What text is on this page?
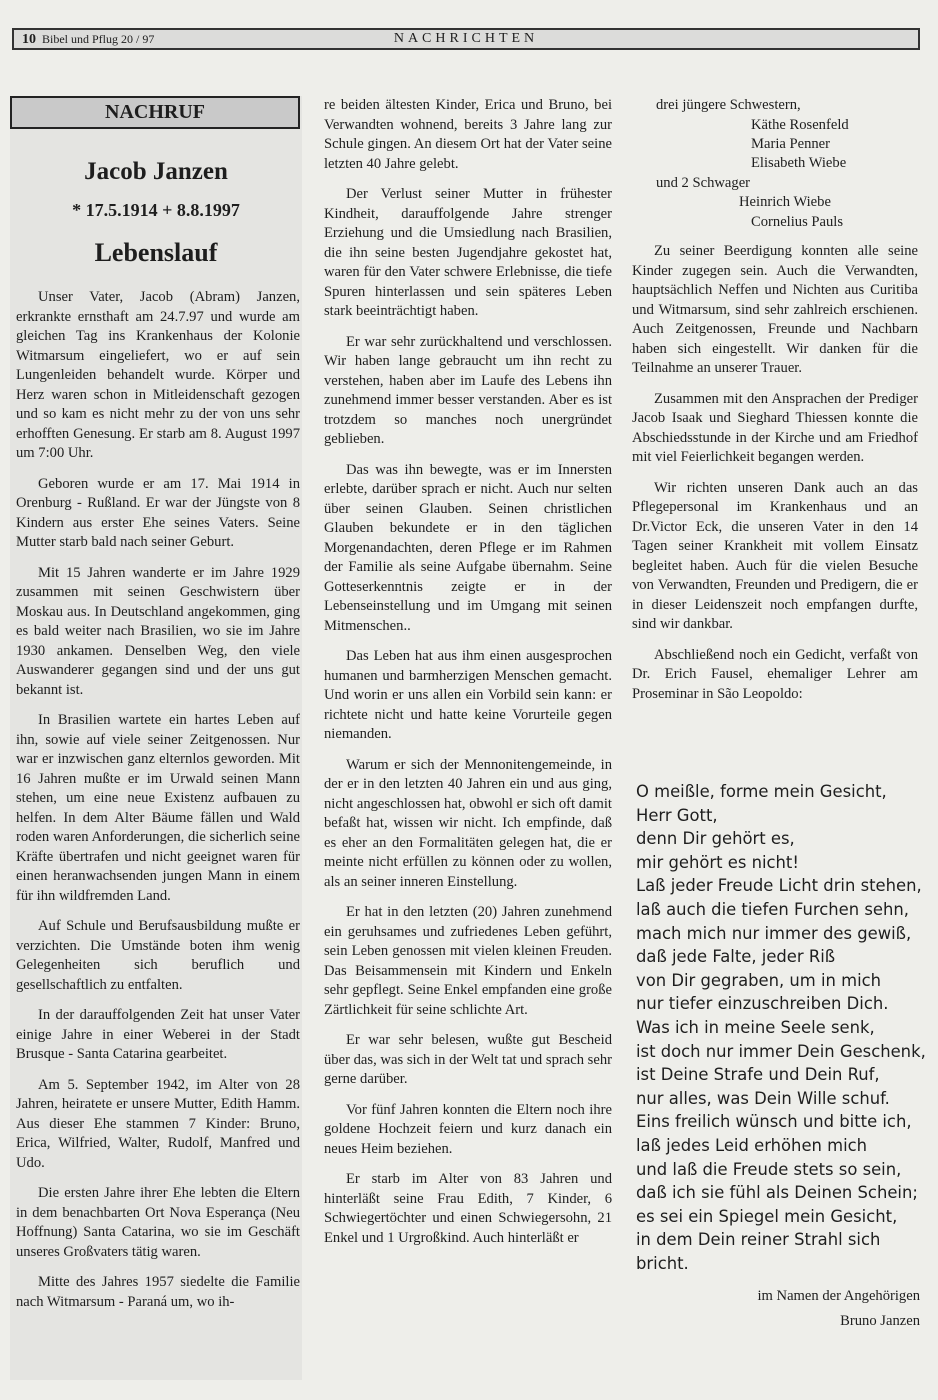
10 Bibel und Pflug 20 / 97	NACHRICHTEN
NACHRUF
Jacob Janzen
* 17.5.1914 + 8.8.1997
Lebenslauf

Unser Vater, Jacob (Abram) Janzen, erkrankte ernsthaft am 24.7.97 und wurde am gleichen Tag ins Krankenhaus der Kolonie Witmarsum eingeliefert, wo er auf sein Lungenleiden behandelt wurde. Körper und Herz waren schon in Mitleidenschaft gezogen und so kam es nicht mehr zu der von uns sehr erhofften Genesung. Er starb am 8. August 1997 um 7:00 Uhr.

Geboren wurde er am 17. Mai 1914 in Orenburg - Rußland. Er war der Jüngste von 8 Kindern aus erster Ehe seines Vaters. Seine Mutter starb bald nach seiner Geburt.

Mit 15 Jahren wanderte er im Jahre 1929 zusammen mit seinen Geschwistern über Moskau aus. In Deutschland angekommen, ging es bald weiter nach Brasilien, wo sie im Jahre 1930 ankamen. Denselben Weg, den viele Auswanderer gegangen sind und der uns gut bekannt ist.

In Brasilien wartete ein hartes Leben auf ihn, sowie auf viele seiner Zeitgenossen. Nur war er inzwischen ganz elternlos geworden. Mit 16 Jahren mußte er im Urwald seinen Mann stehen, um eine neue Existenz aufbauen zu helfen. In dem Alter Bäume fällen und Wald roden waren Anforderungen, die sicherlich seine Kräfte übertrafen und nicht geeignet waren für einen heranwachsenden jungen Mann in einem für ihn wildfremden Land.

Auf Schule und Berufsausbildung mußte er verzichten. Die Umstände boten ihm wenig Gelegenheiten sich beruflich und gesellschaftlich zu entfalten.

In der darauffolgenden Zeit hat unser Vater einige Jahre in einer Weberei in der Stadt Brusque - Santa Catarina gearbeitet.

Am 5. September 1942, im Alter von 28 Jahren, heiratete er unsere Mutter, Edith Hamm. Aus dieser Ehe stammen 7 Kinder: Bruno, Erica, Wilfried, Walter, Rudolf, Manfred und Udo.

Die ersten Jahre ihrer Ehe lebten die Eltern in dem benachbarten Ort Nova Esperança (Neu Hoffnung) Santa Catarina, wo sie im Geschäft unseres Großvaters tätig waren.

Mitte des Jahres 1957 siedelte die Familie nach Witmarsum - Paraná um, wo ih-

re beiden ältesten Kinder, Erica und Bruno, bei Verwandten wohnend, bereits 3 Jahre lang zur Schule gingen. An diesem Ort hat der Vater seine letzten 40 Jahre gelebt.

Der Verlust seiner Mutter in frühester Kindheit, darauffolgende Jahre strenger Erziehung und die Umsiedlung nach Brasilien, die ihn seine besten Jugendjahre gekostet hat, waren für den Vater schwere Erlebnisse, die tiefe Spuren hinterlassen und sein späteres Leben stark beeinträchtigt haben.

Er war sehr zurückhaltend und verschlossen. Wir haben lange gebraucht um ihn recht zu verstehen, haben aber im Laufe des Lebens ihn zunehmend immer besser verstanden. Aber es ist trotzdem so manches noch unergründet geblieben.

Das was ihn bewegte, was er im Innersten erlebte, darüber sprach er nicht. Auch nur selten über seinen Glauben. Seinen christlichen Glauben bekundete er in den täglichen Morgenandachten, deren Pflege er im Rahmen der Familie als seine Aufgabe übernahm. Seine Gotteserkenntnis zeigte er in der Lebenseinstellung und im Umgang mit seinen Mitmenschen..

Das Leben hat aus ihm einen ausgesprochen humanen und barmherzigen Menschen gemacht. Und worin er uns allen ein Vorbild sein kann: er richtete nicht und hatte keine Vorurteile gegen niemanden.

Warum er sich der Mennonitengemeinde, in der er in den letzten 40 Jahren ein und aus ging, nicht angeschlossen hat, obwohl er sich oft damit befaßt hat, wissen wir nicht. Ich empfinde, daß es eher an den Formalitäten gelegen hat, die er meinte nicht erfüllen zu können oder zu wollen, als an seiner inneren Einstellung.

Er hat in den letzten (20) Jahren zunehmend ein geruhsames und zufriedenes Leben geführt, sein Leben genossen mit vielen kleinen Freuden. Das Beisammensein mit Kindern und Enkeln sehr gepflegt. Seine Enkel empfanden eine große Zärtlichkeit für seine schlichte Art.

Er war sehr belesen, wußte gut Bescheid über das, was sich in der Welt tat und sprach sehr gerne darüber.

Vor fünf Jahren konnten die Eltern noch ihre goldene Hochzeit feiern und kurz danach ein neues Heim beziehen.

Er starb im Alter von 83 Jahren und hinterläßt seine Frau Edith, 7 Kinder, 6 Schwiegertöchter und einen Schwiegersohn, 21 Enkel und 1 Urgroßkind. Auch hinterläßt er

drei jüngere Schwestern,
Käthe Rosenfeld
Maria Penner
Elisabeth Wiebe
und 2 Schwager
Heinrich Wiebe
Cornelius Pauls

Zu seiner Beerdigung konnten alle seine Kinder zugegen sein. Auch die Verwandten, hauptsächlich Neffen und Nichten aus Curitiba und Witmarsum, sind sehr zahlreich erschienen. Auch Zeitgenossen, Freunde und Nachbarn haben sich eingestellt. Wir danken für die Teilnahme an unserer Trauer.

Zusammen mit den Ansprachen der Prediger Jacob Isaak und Sieghard Thiessen konnte die Abschiedsstunde in der Kirche und am Friedhof mit viel Feierlichkeit begangen werden.

Wir richten unseren Dank auch an das Pflegepersonal im Krankenhaus und an Dr.Victor Eck, die unseren Vater in den 14 Tagen seiner Krankheit mit vollem Einsatz begleitet haben. Auch für die vielen Besuche von Verwandten, Freunden und Predigern, die er in dieser Leidenszeit noch empfangen durfte, sind wir dankbar.

Abschließend noch ein Gedicht, verfaßt von Dr. Erich Fausel, ehemaliger Lehrer am Proseminar in São Leopoldo:

O meißle, forme mein Gesicht,
Herr Gott,
denn Dir gehört es,
mir gehört es nicht!
Laß jeder Freude Licht drin stehen,
laß auch die tiefen Furchen sehn,
mach mich nur immer des gewiß,
daß jede Falte, jeder Riß
von Dir gegraben, um in mich
nur tiefer einzuschreiben Dich.
Was ich in meine Seele senk,
ist doch nur immer Dein Geschenk,
ist Deine Strafe und Dein Ruf,
nur alles, was Dein Wille schuf.
Eins freilich wünsch und bitte ich,
laß jedes Leid erhöhen mich
und laß die Freude stets so sein,
daß ich sie fühl als Deinen Schein;
es sei ein Spiegel mein Gesicht,
in dem Dein reiner Strahl sich
bricht.
im Namen der Angehörigen
Bruno Janzen
